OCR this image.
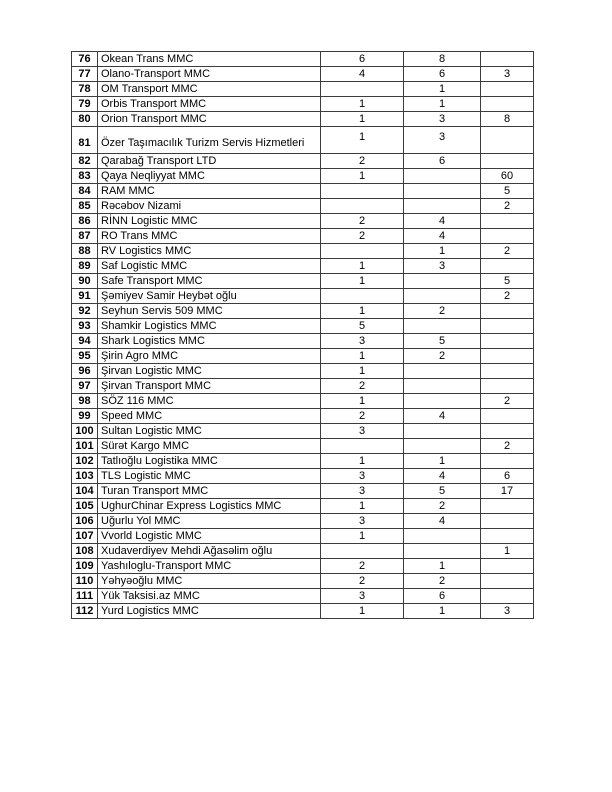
76	Okean Trans MMC	6	8	
77	Olano-Transport MMC	4	6	3
78	OM Transport MMC		1	
79	Orbis Transport MMC	1	1	
80	Orion Transport MMC	1	3	8
81	Özer Taşımacılık Turizm Servis Hizmetleri	1	3	
82	Qarabağ Transport LTD	2	6	
83	Qaya Neqliyyat MMC	1		60
84	RAM MMC			5
85	Rəcəbov Nizami			2
86	RİNN Logistic MMC	2	4	
87	RO Trans MMC	2	4	
88	RV Logistics MMC		1	2
89	Saf Logistic MMC	1	3	
90	Safe Transport MMC	1		5
91	Şəmiyev Samir Heybət oğlu			2
92	Seyhun Servis 509 MMC	1	2	
93	Shamkir Logistics MMC	5		
94	Shark Logistics MMC	3	5	
95	Şirin Agro MMC	1	2	
96	Şirvan Logistic MMC	1		
97	Şirvan Transport MMC	2		
98	SÖZ 116 MMC	1		2
99	Speed MMC	2	4	
100	Sultan Logistic MMC	3		
101	Sürət Kargo MMC			2
102	Tatlıoğlu Logistika MMC	1	1	
103	TLS Logistic MMC	3	4	6
104	Turan Transport MMC	3	5	17
105	UghurChinar Express Logistics MMC	1	2	
106	Uğurlu Yol MMC	3	4	
107	Vvorld Logistic MMC	1		
108	Xudaverdiyev Mehdi Ağasəlim oğlu			1
109	Yashıloglu-Transport MMC	2	1	
110	Yəhyəoğlu MMC	2	2	
111	Yük Taksisi.az MMC	3	6	
112	Yurd Logistics MMC	1	1	3
